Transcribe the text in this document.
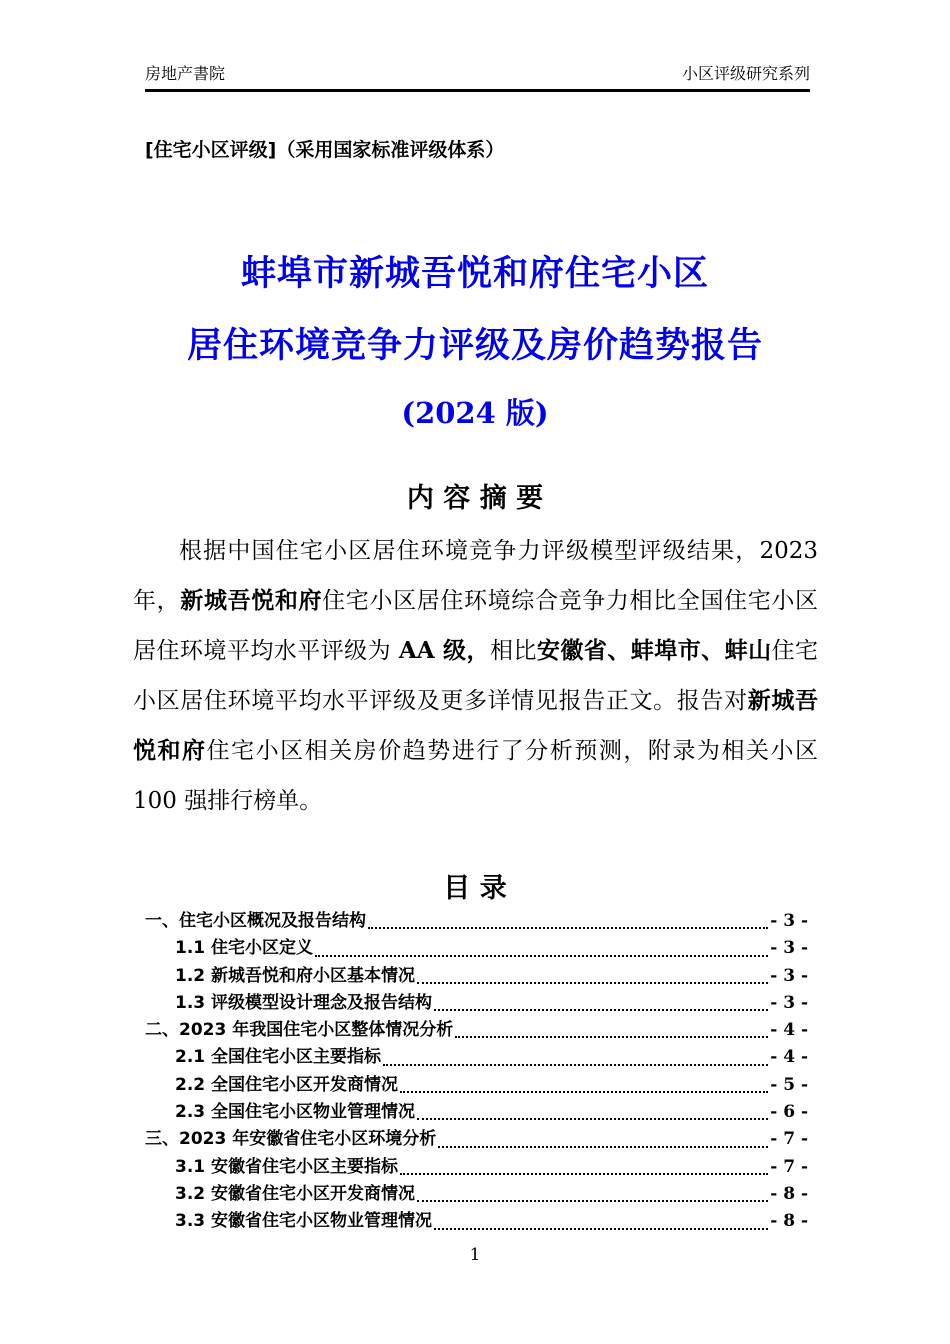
房地产書院	小区评级研究系列
[住宅小区评级]（采用国家标准评级体系）
蚌埠市新城吾悦和府住宅小区
居住环境竞争力评级及房价趋势报告
(2024 版)
内 容 摘 要
根据中国住宅小区居住环境竞争力评级模型评级结果，2023 年，新城吾悦和府住宅小区居住环境综合竞争力相比全国住宅小区居住环境平均水平评级为 AA 级，相比安徽省、蚌埠市、蚌山住宅小区居住环境平均水平评级及更多详情见报告正文。报告对新城吾悦和府住宅小区相关房价趋势进行了分析预测，附录为相关小区 100 强排行榜单。
目 录
一、住宅小区概况及报告结构	- 3 -
1.1 住宅小区定义	- 3 -
1.2 新城吾悦和府小区基本情况	- 3 -
1.3 评级模型设计理念及报告结构	- 3 -
二、2023 年我国住宅小区整体情况分析	- 4 -
2.1 全国住宅小区主要指标	- 4 -
2.2 全国住宅小区开发商情况	- 5 -
2.3 全国住宅小区物业管理情况	- 6 -
三、2023 年安徽省住宅小区环境分析	- 7 -
3.1 安徽省住宅小区主要指标	- 7 -
3.2 安徽省住宅小区开发商情况	- 8 -
3.3 安徽省住宅小区物业管理情况	- 8 -
1
